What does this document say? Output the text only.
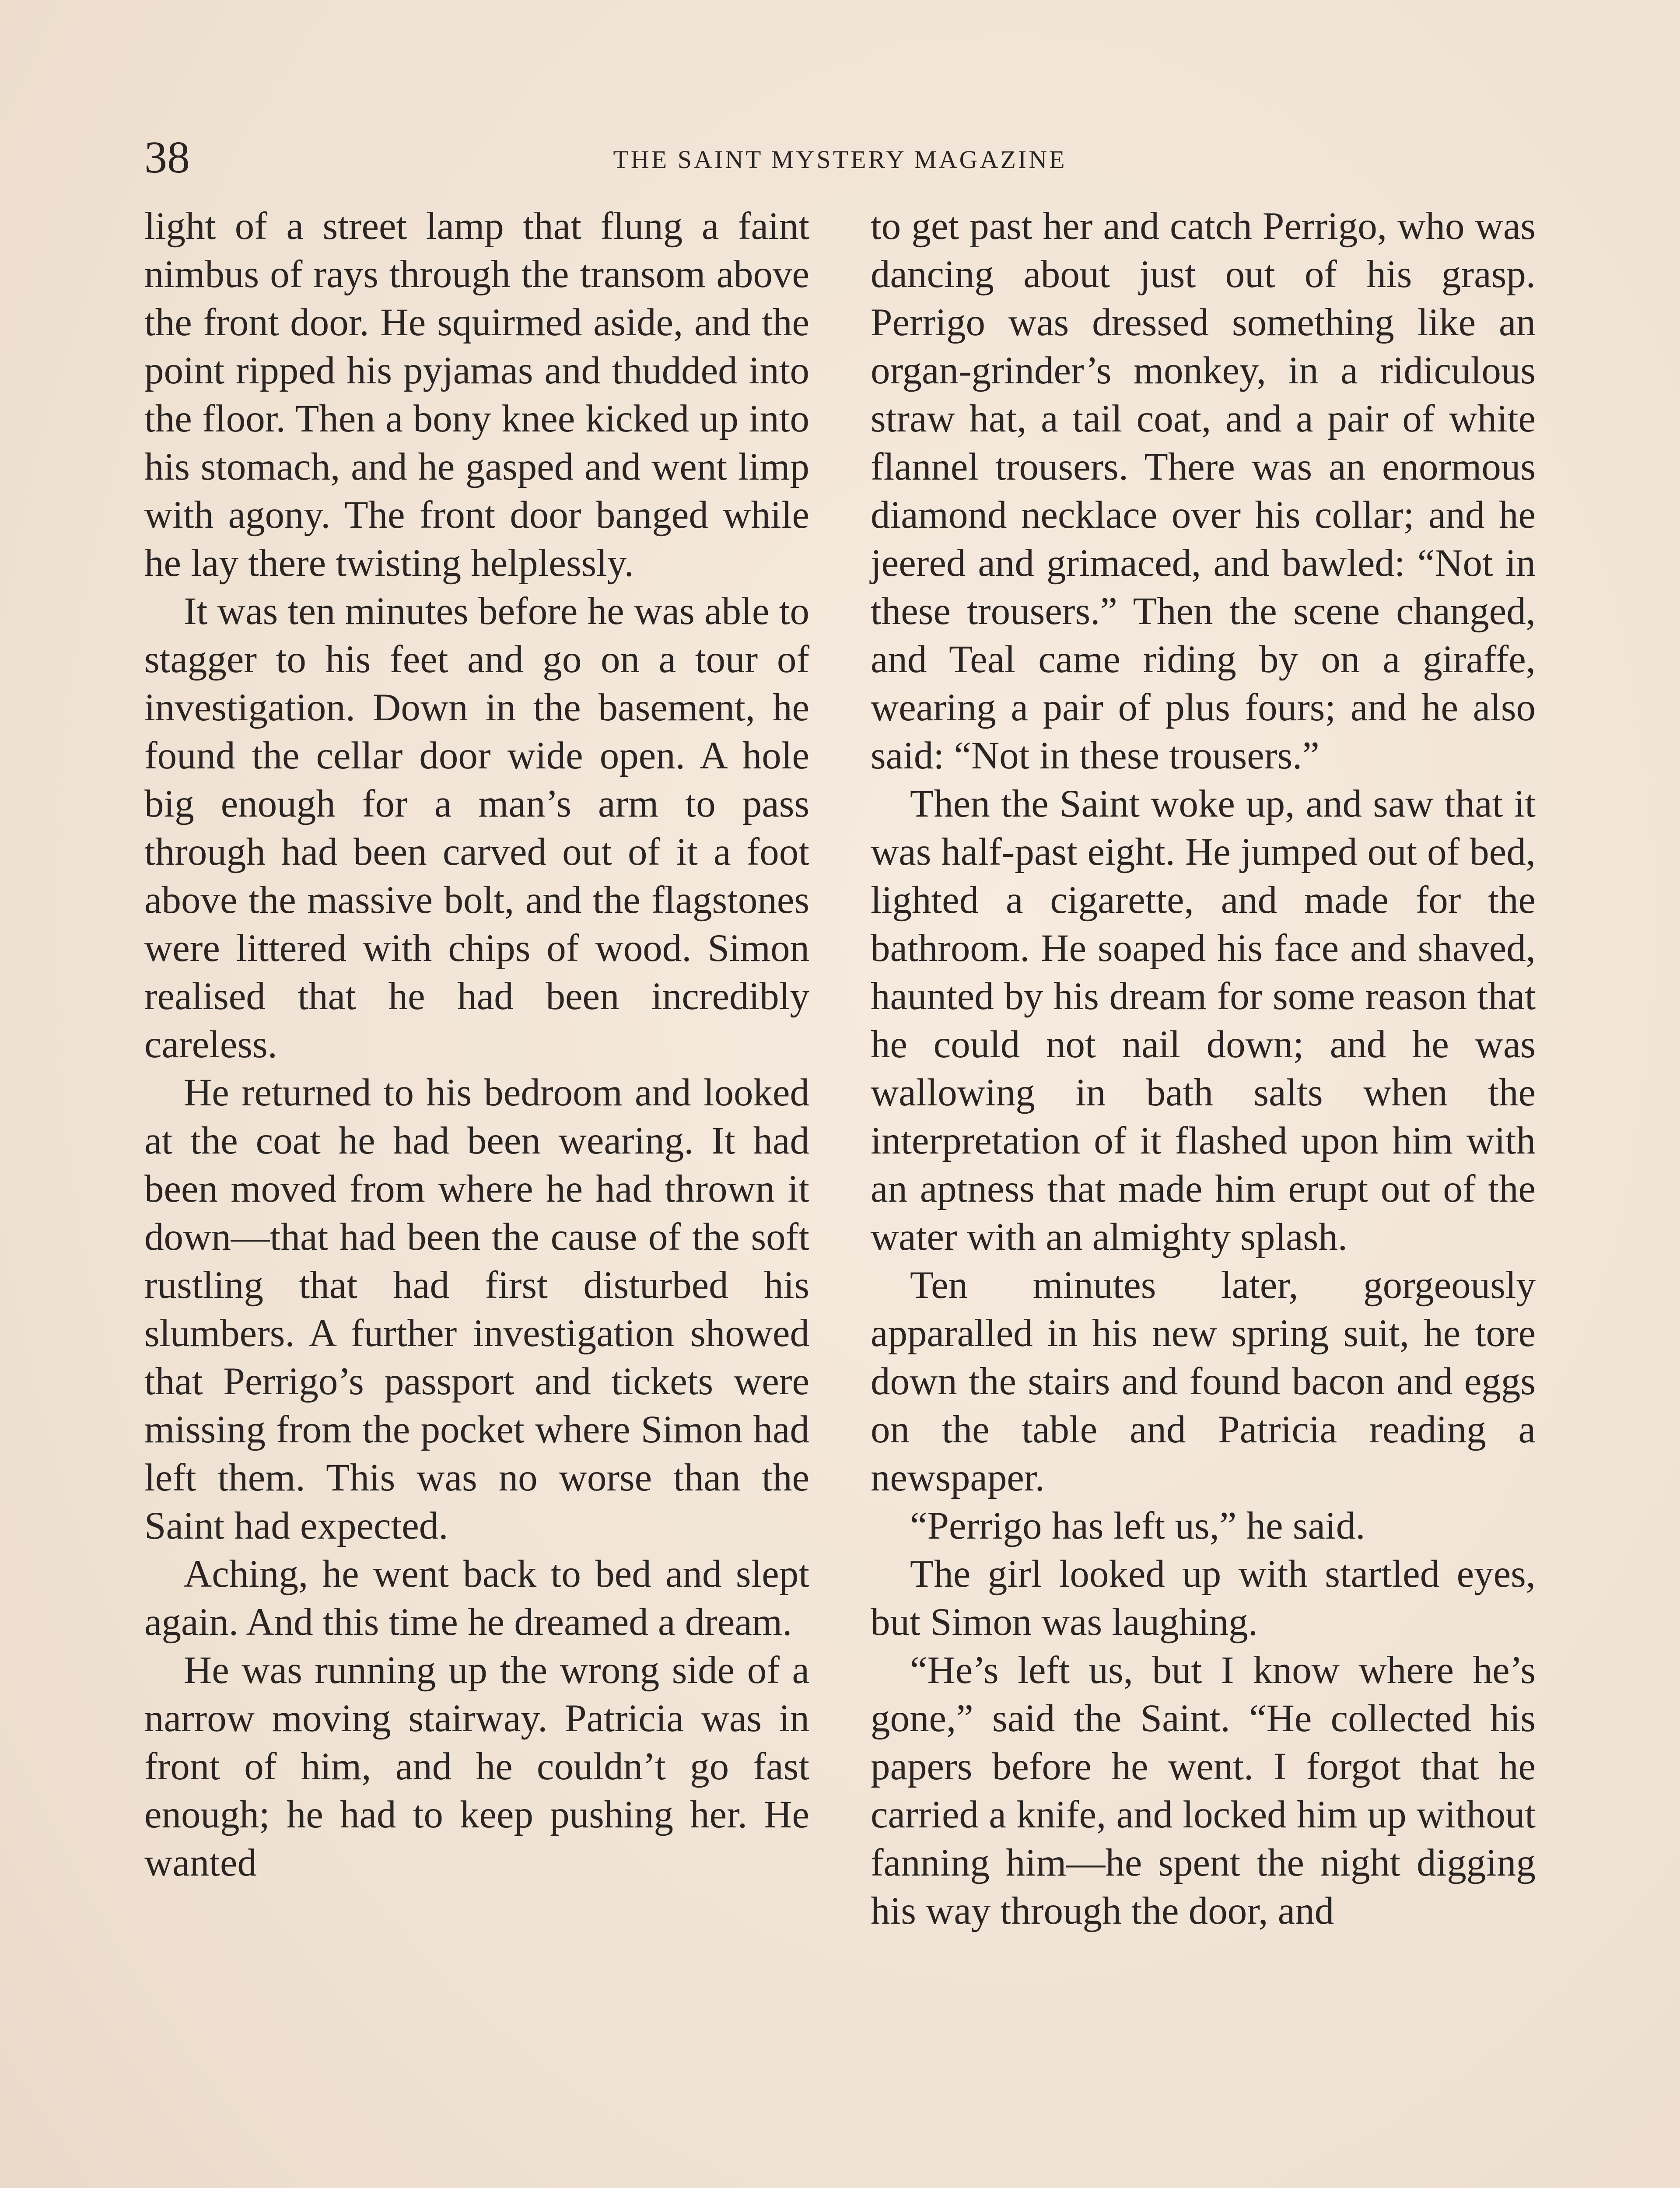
38	THE SAINT MYSTERY MAGAZINE

light of a street lamp that flung a faint nimbus of rays through the transom above the front door. He squirmed aside, and the point ripped his pyjamas and thudded into the floor. Then a bony knee kicked up into his stomach, and he gasped and went limp with agony. The front door banged while he lay there twisting helplessly.

It was ten minutes before he was able to stagger to his feet and go on a tour of investigation. Down in the basement, he found the cellar door wide open. A hole big enough for a man’s arm to pass through had been carved out of it a foot above the massive bolt, and the flagstones were littered with chips of wood. Simon realised that he had been incredibly careless.

He returned to his bedroom and looked at the coat he had been wearing. It had been moved from where he had thrown it down—that had been the cause of the soft rustling that had first disturbed his slumbers. A further investigation showed that Perrigo’s passport and tickets were missing from the pocket where Simon had left them. This was no worse than the Saint had expected.

Aching, he went back to bed and slept again. And this time he dreamed a dream.

He was running up the wrong side of a narrow moving stairway. Patricia was in front of him, and he couldn’t go fast enough; he had to keep pushing her. He wanted

to get past her and catch Perrigo, who was dancing about just out of his grasp. Perrigo was dressed something like an organ-grinder’s monkey, in a ridiculous straw hat, a tail coat, and a pair of white flannel trousers. There was an enormous diamond necklace over his collar; and he jeered and grimaced, and bawled: “Not in these trousers.” Then the scene changed, and Teal came riding by on a giraffe, wearing a pair of plus fours; and he also said: “Not in these trousers.”

Then the Saint woke up, and saw that it was half-past eight. He jumped out of bed, lighted a cigarette, and made for the bathroom. He soaped his face and shaved, haunted by his dream for some reason that he could not nail down; and he was wallowing in bath salts when the interpretation of it flashed upon him with an aptness that made him erupt out of the water with an almighty splash.

Ten minutes later, gorgeously apparalled in his new spring suit, he tore down the stairs and found bacon and eggs on the table and Patricia reading a newspaper.

“Perrigo has left us,” he said.

The girl looked up with startled eyes, but Simon was laughing.

“He’s left us, but I know where he’s gone,” said the Saint. “He collected his papers before he went. I forgot that he carried a knife, and locked him up without fanning him—he spent the night digging his way through the door, and
